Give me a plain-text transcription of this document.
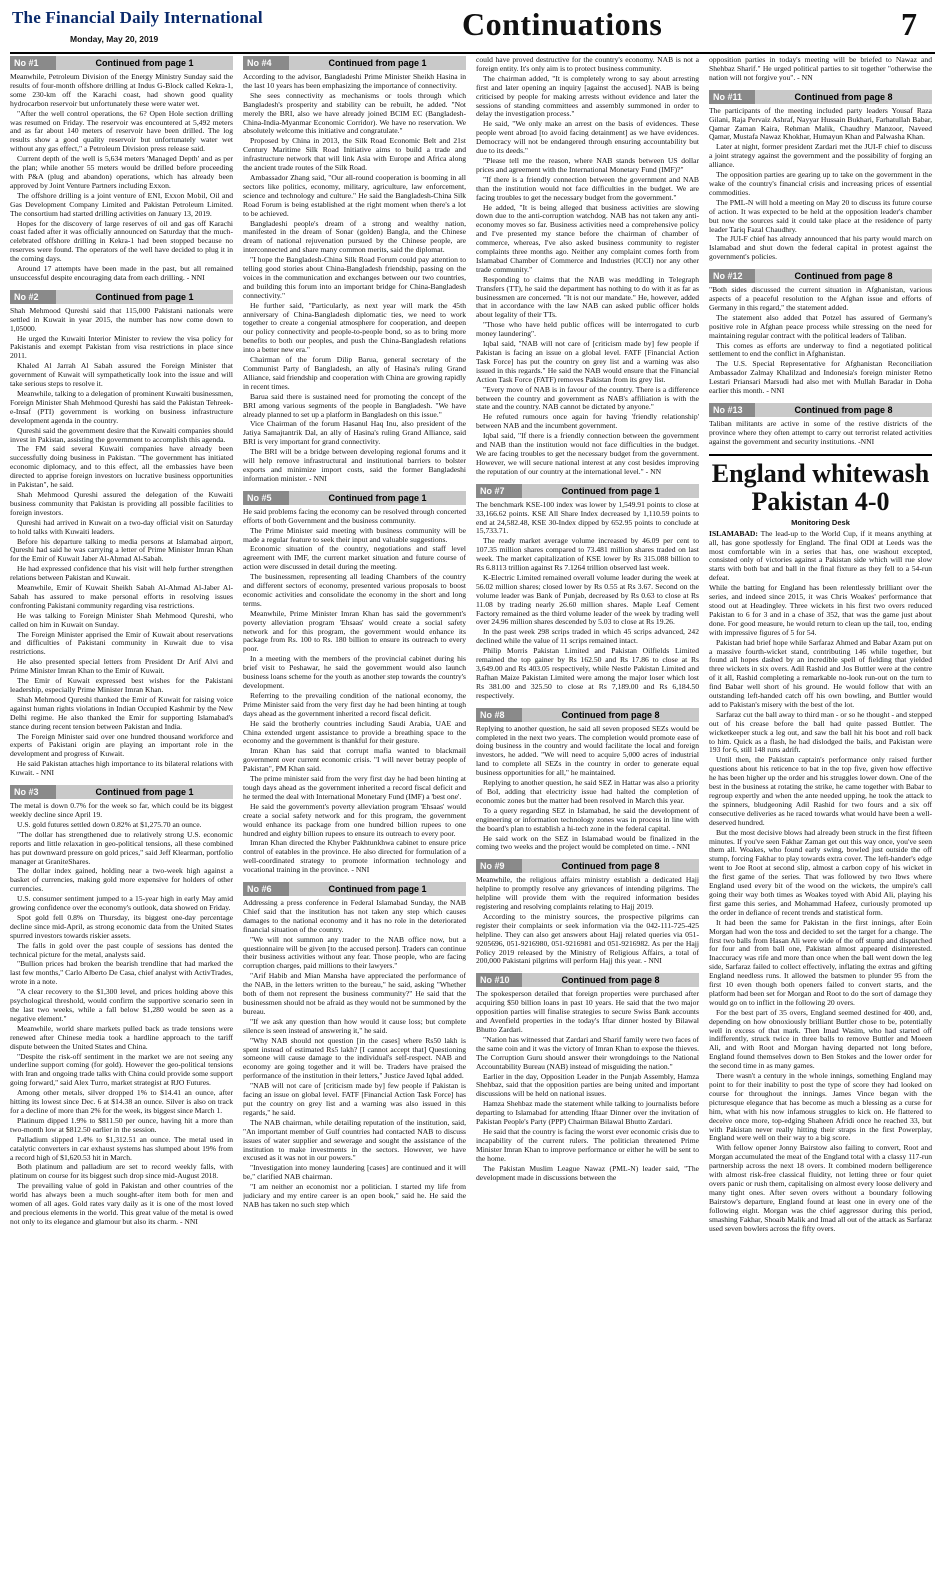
The Financial Daily International
Monday, May 20, 2019	Continuations	7
No #1	Continued from page 1

Meanwhile, Petroleum Division of the Energy Ministry Sunday said the results of four-month offshore drilling at Indus G-Block called Kekra-1, some 230-km off the Karachi coast, had shown good quality hydrocarbon reservoir but unfortunately these were water wet.

"After the well control operations, the 6? Open Hole section drilling was resumed on Friday. The reservoir was encountered at 5,492 meters and as far about 140 meters of reservoir have been drilled. The log results show a good quality reservoir but unfortunately water wet without any gas effect," a Petroleum Division press release said.

Current depth of the well is 5,634 meters 'Managed Depth' and as per the plan; while another 55 meters would be drilled before proceeding with P&A (plug and abandon) operations, which has already been approved by Joint Venture Partners including Exxon.

The offshore drilling is a joint venture of ENI, Exxon Mobil, Oil and Gas Development Company Limited and Pakistan Petroleum Limited. The consortium had started drilling activities on January 13, 2019.

Hopes for the discovery of large reserves of oil and gas off Karachi coast faded after it was officially announced on Saturday that the much-celebrated offshore drilling in Kekra-1 had been stopped because no reserves were found. The operators of the well have decided to plug it in the coming days.

Around 17 attempts have been made in the past, but all remained unsuccessful despite encouraging data from each drilling. - NNI

No #2	Continued from page 1

Shah Mehmood Qureshi said that 115,000 Pakistani nationals were settled in Kuwait in year 2015, the number has now come down to 1,05000.

He urged the Kuwaiti Interior Minister to review the visa policy for Pakistanis and exempt Pakistan from visa restrictions in place since 2011.

Khaled Al Jarrah Al Sabah assured the Foreign Minister that government of Kuwait will sympathetically look into the issue and will take serious steps to resolve it.

Meanwhile, talking to a delegation of prominent Kuwaiti businessmen, Foreign Minister Shah Mehmood Qureshi has said the Pakistan Tehreek-e-Insaf (PTI) government is working on business infrastructure development agenda in the country.

Qureshi said the government desire that the Kuwaiti companies should invest in Pakistan, assisting the government to accomplish this agenda.

The FM said several Kuwaiti companies have already been successfully doing business in Pakistan. "The government has initiated economic diplomacy, and to this effect, all the embassies have been directed to apprise foreign investors on lucrative business opportunities in Pakistan", he said.

Shah Mehmood Qureshi assured the delegation of the Kuwaiti business community that Pakistan is providing all possible facilities to foreign investors.

Qureshi had arrived in Kuwait on a two-day official visit on Saturday to hold talks with Kuwaiti leaders.

Before his departure talking to media persons at Islamabad airport, Qureshi had said he was carrying a letter of Prime Minister Imran Khan for the Emir of Kuwait Jaber Al-Ahmad Al-Sabah.

He had expressed confidence that his visit will help further strengthen relations between Pakistan and Kuwait.

Meanwhile, Emir of Kuwait Sheikh Sabah Al-Ahmad Al-Jaber Al-Sabah has assured to make personal efforts in resolving issues confronting Pakistani community regarding visa restrictions.

He was talking to Foreign Minister Shah Mehmood Qureshi, who called on him in Kuwait on Sunday.

The Foreign Minister apprised the Emir of Kuwait about reservations and difficulties of Pakistani community in Kuwait due to visa restrictions.

He also presented special letters from President Dr Arif Alvi and Prime Minister Imran Khan to the Emir of Kuwait.

The Emir of Kuwait expressed best wishes for the Pakistani leadership, especially Prime Minister Imran Khan.

Shah Mehmood Qureshi thanked the Emir of Kuwait for raising voice against human rights violations in Indian Occupied Kashmir by the New Delhi regime. He also thanked the Emir for supporting Islamabad's stance during recent tension between Pakistan and India.

The Foreign Minister said over one hundred thousand workforce and experts of Pakistani origin are playing an important role in the development and progress of Kuwait.

He said Pakistan attaches high importance to its bilateral relations with Kuwait. - NNI

No #3	Continued from page 1

The metal is down 0.7% for the week so far, which could be its biggest weekly decline since April 19.

U.S. gold futures settled down 0.82% at $1,275.70 an ounce.

"The dollar has strengthened due to relatively strong U.S. economic reports and little relaxation in geo-political tensions, all these combined has put downward pressure on gold prices," said Jeff Klearman, portfolio manager at GraniteShares.

The dollar index gained, holding near a two-week high against a basket of currencies, making gold more expensive for holders of other currencies.

U.S. consumer sentiment jumped to a 15-year high in early May amid growing confidence over the economy's outlook, data showed on Friday.

Spot gold fell 0.8% on Thursday, its biggest one-day percentage decline since mid-April, as strong economic data from the United States spurred investors towards riskier assets.

The falls in gold over the past couple of sessions has dented the technical picture for the metal, analysts said.

"Bullion prices had broken the bearish trendline that had marked the last few months," Carlo Alberto De Casa, chief analyst with ActivTrades, wrote in a note.

"A clear recovery to the $1,300 level, and prices holding above this psychological threshold, would confirm the supportive scenario seen in the last two weeks, while a fall below $1,280 would be seen as a negative element."

Meanwhile, world share markets pulled back as trade tensions were renewed after Chinese media took a hardline approach to the tariff dispute between the United States and China.

"Despite the risk-off sentiment in the market we are not seeing any underline support coming (for gold). However the geo-political tensions with Iran and ongoing trade talks with China could provide some support going forward," said Alex Turro, market strategist at RJO Futures.

Among other metals, silver dropped 1% to $14.41 an ounce, after hitting its lowest since Dec. 6 at $14.38 an ounce. Silver is also on track for a decline of more than 2% for the week, its biggest since March 1.

Platinum dipped 1.9% to $811.50 per ounce, having hit a more than two-month low at $812.50 earlier in the session.

Palladium slipped 1.4% to $1,312.51 an ounce. The metal used in catalytic converters in car exhaust systems has slumped about 19% from a record high of $1,620.53 hit in March.

Both platinum and palladium are set to record weekly falls, with platinum on course for its biggest such drop since mid-August 2018.

The prevailing value of gold in Pakistan and other countries of the world has always been a much sought-after item both for men and women of all ages. Gold rates vary daily as it is one of the most loved and precious elements in the world. This great value of the metal is owed not only to its elegance and glamour but also its charm. - NNI

No #4	Continued from page 1

According to the advisor, Bangladeshi Prime Minister Sheikh Hasina in the last 10 years has been emphasizing the importance of connectivity.

She sees connectivity as mechanisms or tools through which Bangladesh's prosperity and stability can be rebuilt, he added. "Not merely the BRI, also we have already joined BCIM EC (Bangladesh-China-India-Myanmar Economic Corridor). We have no reservation. We absolutely welcome this initiative and congratulate."

Proposed by China in 2013, the Silk Road Economic Belt and 21st Century Maritime Silk Road Initiative aims to build a trade and infrastructure network that will link Asia with Europe and Africa along the ancient trade routes of the Silk Road.

Ambassador Zhang said, "Our all-round cooperation is booming in all sectors like politics, economy, military, agriculture, law enforcement, science and technology and culture." He said the Bangladesh-China Silk Road Forum is being established at the right moment when there's a lot to be achieved.

Bangladeshi people's dream of a strong and wealthy nation, manifested in the dream of Sonar (golden) Bangla, and the Chinese dream of national rejuvenation pursued by the Chinese people, are interconnected and share many common merits, said the diplomat.

"I hope the Bangladesh-China Silk Road Forum could pay attention to telling good stories about China-Bangladesh friendship, passing on the voices in the communication and exchanges between our two countries, and building this forum into an important bridge for China-Bangladesh connectivity."

He further said, "Particularly, as next year will mark the 45th anniversary of China-Bangladesh diplomatic ties, we need to work together to create a congenial atmosphere for cooperation, and deepen our policy connectivity and people-to-people bond, so as to bring more benefits to both our peoples, and push the China-Bangladesh relations into a better new era."

Chairman of the forum Dilip Barua, general secretary of the Communist Party of Bangladesh, an ally of Hasina's ruling Grand Alliance, said friendship and cooperation with China are growing rapidly in recent times.

Barua said there is sustained need for promoting the concept of the BRI among various segments of the people in Bangladesh. "We have already planned to set up a platform in Bangladesh on this issue."

Vice Chairman of the forum Hasanul Haq Inu, also president of the Jatiya Samajtantrik Dal, an ally of Hasina's ruling Grand Alliance, said BRI is very important for grand connectivity.

The BRI will be a bridge between developing regional forums and it will help remove infrastructural and institutional barriers to bolster exports and minimize import costs, said the former Bangladeshi information minister. - NNI

No #5	Continued from page 1

He said problems facing the economy can be resolved through concerted efforts of both Government and the business community.

The Prime Minister said meeting with business community will be made a regular feature to seek their input and valuable suggestions.

Economic situation of the country, negotiations and staff level agreement with IMF, the current market situation and future course of action were discussed in detail during the meeting.

The businessmen, representing all leading Chambers of the country and different sectors of economy, presented various proposals to boost economic activities and consolidate the economy in the short and long terms.

Meanwhile, Prime Minister Imran Khan has said the government's poverty alleviation program 'Ehsaas' would create a social safety network and for this program, the government would enhance its package from Rs. 100 to Rs. 180 billion to ensure its outreach to every poor.

In a meeting with the members of the provincial cabinet during his brief visit to Peshawar, he said the government would also launch business loans scheme for the youth as another step towards the country's development.

Referring to the prevailing condition of the national economy, the Prime Minister said from the very first day he had been hinting at tough days ahead as the government inherited a record fiscal deficit.

He said the brotherly countries including Saudi Arabia, UAE and China extended urgent assistance to provide a breathing space to the economy and the government is thankful for their gesture.

Imran Khan has said that corrupt mafia wanted to blackmail government over current economic crisis. "I will never betray people of Pakistan", PM Khan said.

The prime minister said from the very first day he had been hinting at tough days ahead as the government inherited a record fiscal deficit and he termed the deal with International Monetary Fund (IMF) a 'best one'.

He said the government's poverty alleviation program 'Ehsaas' would create a social safety network and for this program, the government would enhance its package from one hundred billion rupees to one hundred and eighty billion rupees to ensure its outreach to every poor.

Imran Khan directed the Khyber Pakhtunkhwa cabinet to ensure price control of eatables in the province. He also directed for formulation of a well-coordinated strategy to promote information technology and vocational training in the province. - NNI

No #6	Continued from page 1

Addressing a press conference in Federal Islamabad Sunday, the NAB Chief said that the institution has not taken any step which causes damages to the national economy and it has no role in the deteriorated financial situation of the country.

"We will not summon any trader to the NAB office now, but a questionnaire will be given [to the accused person]. Traders can continue their business activities without any fear. Those people, who are facing corruption charges, paid millions to their lawyers."

"Arif Habib and Mian Mansha have appreciated the performance of the NAB, in the letters written to the bureau," he said, asking "Whether both of them not represent the business community?" He said that the businessmen should not be afraid as they would not be summoned by the bureau.

"If we ask any question than how would it cause loss; but complete silence is seen instead of answering it," he said.

"Why NAB should not question [in the cases] where Rs50 lakh is spent instead of estimated Rs5 lakh? [I cannot accept that] Questioning someone will cause damage to the individual's self-respect. NAB and economy are going together and it will be. Traders have praised the performance of the institution in their letters," Justice Javed Iqbal added.

"NAB will not care of [criticism made by] few people if Pakistan is facing an issue on global level. FATF [Financial Action Task Force] has put the country on grey list and a warning was also issued in this regards," he said.

The NAB chairman, while detailing reputation of the institution, said, "An important member of Gulf countries had contacted NAB to discuss issues of water supplier and sewerage and sought the assistance of the institution to make investments in the sectors. However, we have excused as it was not in our powers."

"Investigation into money laundering [cases] are continued and it will be," clarified NAB chairman.

"I am neither an economist nor a politician. I started my life from judiciary and my entire career is an open book," said he. He said the NAB has taken no such step which

could have proved destructive for the country's economy. NAB is not a foreign entity. It's only aim is to protect business community.

The chairman added, "It is completely wrong to say about arresting first and later opening an inquiry [against the accused]. NAB is being criticised by people for making arrests without evidence and later the sessions of standing committees and assembly summoned in order to delay the investigation process."

He said, "We only make an arrest on the basis of evidences. These people went abroad [to avoid facing detainment] as we have evidences. Democracy will not be endangered through ensuring accountability but due to its deeds."

"Please tell me the reason, where NAB stands between US dollar prices and agreement with the International Monetary Fund (IMF)?"

"If there is a friendly connection between the government and NAB than the institution would not face difficulties in the budget. We are facing troubles to get the necessary budget from the government."

He added, "It is being alleged that business activities are slowing down due to the anti-corruption watchdog. NAB has not taken any anti-economy moves so far. Business activities need a comprehensive policy and I've presented my stance before the chairman of chamber of commerce, whereas, I've also asked business community to register complaints three months ago. Neither any complaint comes forth from Islamabad Chamber of Commerce and Industries (ICCI) nor any other trade community."

Responding to claims that the NAB was meddling in Telegraph Transfers (TT), he said the department has nothing to do with it as far as businessmen are concerned. "It is not our mandate." He, however, added that in accordance with the law NAB can asked public officer holds about legality of their TTs.

"Those who have held public offices will be interrogated to curb money laundering".

Iqbal said, "NAB will not care of [criticism made by] few people if Pakistan is facing an issue on a global level. FATF [Financial Action Task Force] has put the country on grey list and a warning was also issued in this regards." He said the NAB would ensure that the Financial Action Task Force (FATF) removes Pakistan from its grey list.

"Every move of NAB is in favour of the country. There is a difference between the country and government as NAB's affiliation is with the state and the country. NAB cannot be dictated by anyone."

He refuted rumours once again for having 'friendly relationship' between NAB and the incumbent government.

Iqbal said, "If there is a friendly connection between the government and NAB than the institution would not face difficulties in the budget. We are facing troubles to get the necessary budget from the government. However, we will secure national interest at any cost besides improving the reputation of our country at the international level." - NN

No #7	Continued from page 1

The benchmark KSE-100 index was lower by 1,549.91 points to close at 33,166.62 points. KSE All Share Index decreased by 1,110.59 points to end at 24,582.48, KSE 30-Index dipped by 652.95 points to conclude at 15,733.71.

The ready market average volume increased by 46.09 per cent to 107.35 million shares compared to 73.481 million shares traded on last week. The market capitalization of KSE lower by Rs 315.088 billion to Rs 6.8113 trillion against Rs 7.1264 trillion observed last week.

K-Electric Limited remained overall volume leader during the week at 56.02 million shares; closed lower by Rs 0.55 at Rs 3.67. Second on the volume leader was Bank of Punjab, decreased by Rs 0.63 to close at Rs 11.08 by trading nearly 26.60 million shares. Maple Leaf Cement Factory remained as the third volume leader of the week by trading well over 24.96 million shares descended by 5.03 to close at Rs 19.26.

In the past week 298 scrips traded in which 45 scrips advanced, 242 declined while the value of 11 scrips remained intact.

Philip Morris Pakistan Limited and Pakistan Oilfields Limited remained the top gainer by Rs 162.50 and Rs 17.86 to close at Rs 3,649.00 and Rs 403.05 respectively, while Nestle Pakistan Limited and Rafhan Maize Pakistan Limited were among the major loser which lost Rs 381.00 and 325.50 to close at Rs 7,189.00 and Rs 6,184.50 respectively.

No #8	Continued from page 8

Replying to another question, he said all seven proposed SEZs would be completed in the next two years. The completion would promote ease of doing business in the country and would facilitate the local and foreign investors, he added. "We will need to acquire 5,000 acres of industrial land to complete all SEZs in the country in order to generate equal business opportunities for all," he maintained.

Replying to another question, he said SEZ in Hattar was also a priority of BoI, adding that electricity issue had halted the completion of economic zones but the matter had been resolved in March this year.

To a query regarding SEZ in Islamabad, he said the development of engineering or information technology zones was in process in line with the board's plan to establish a hi-tech zone in the federal capital.

He said work on the SEZ in Islamabad would be finalized in the coming two weeks and the project would be completed on time. - NNI

No #9	Continued from page 8

Meanwhile, the religious affairs ministry establish a dedicated Hajj helpline to promptly resolve any grievances of intending pilgrims. The helpline will provide them with the required information besides registering and resolving complaints relating to Hajj 2019.

According to the ministry sources, the prospective pilgrims can register their complaints or seek information via the 042-111-725-425 helpline. They can also get answers about Hajj related queries via 051-9205696, 051-9216980, 051-9216981 and 051-9216982. As per the Hajj Policy 2019 released by the Ministry of Religious Affairs, a total of 200,000 Pakistani pilgrims will perform Hajj this year. - NNI

No #10	Continued from page 8

The spokesperson detailed that foreign properties were purchased after acquiring $50 billion loans in past 10 years. He said that the two major opposition parties will finalise strategies to secure Swiss Bank accounts and Avenfield properties in the today's Iftar dinner hosted by Bilawal Bhutto Zardari.

"Nation has witnessed that Zardari and Sharif family were two faces of the same coin and it was the victory of Imran Khan to expose the thieves. The Corruption Guru should answer their wrongdoings to the National Accountability Bureau (NAB) instead of misguiding the nation."

Earlier in the day, Opposition Leader in the Punjab Assembly, Hamza Shehbaz, said that the opposition parties are being united and important discussions will be held on national issues.

Hamza Shehbaz made the statement while talking to journalists before departing to Islamabad for attending Iftaar Dinner over the invitation of Pakistan People's Party (PPP) Chairman Bilawal Bhutto Zardari.

He said that the country is facing the worst ever economic crisis due to incapability of the current rulers. The politician threatened Prime Minister Imran Khan to improve performance or either he will be sent to the home.

The Pakistan Muslim League Nawaz (PML-N) leader said, "The development made in discussions between the

opposition parties in today's meeting will be briefed to Nawaz and Shehbaz Sharif." He urged political parties to sit together "otherwise the nation will not forgive you". - NN

No #11	Continued from page 8

The participants of the meeting included party leaders Yousaf Raza Gilani, Raja Pervaiz Ashraf, Nayyar Hussain Bukhari, Farhatullah Babar, Qamar Zaman Kaira, Rehman Malik, Chaudhry Manzoor, Naveed Qamar, Mustafa Nawaz Khokhar, Humayun Khan and Palwasha Khan.

Later at night, former president Zardari met the JUI-F chief to discuss a joint strategy against the government and the possibility of forging an alliance.

The opposition parties are gearing up to take on the government in the wake of the country's financial crisis and increasing prices of essential commodities.

The PML-N will hold a meeting on May 20 to discuss its future course of action. It was expected to be held at the opposition leader's chamber but now the sources said it could take place at the residence of party leader Tariq Fazal Chaudhry.

The JUI-F chief has already announced that his party would march on Islamabad and shut down the federal capital in protest against the government's policies.

No #12	Continued from page 8

"Both sides discussed the current situation in Afghanistan, various aspects of a peaceful resolution to the Afghan issue and efforts of Germany in this regard," the statement added.

The statement also added that Potzel has assured of Germany's positive role in Afghan peace process while stressing on the need for maintaining regular contract with the political leaders of Taliban.

This comes as efforts are underway to find a negotiated political settlement to end the conflict in Afghanistan.

The U.S. Special Representative for Afghanistan Reconciliation Ambassador Zalmay Khalilzad and Indonesia's foreign minister Retno Lestari Priansari Marsudi had also met with Mullah Baradar in Doha earlier this month. - NNI

No #13	Continued from page 8

Taliban militants are active in some of the restive districts of the province where they often attempt to carry out terrorist related activities against the government and security institutions. -NNI

England whitewash Pakistan 4-0
Monitoring Desk

ISLAMABAD: The lead-up to the World Cup, if it means anything at all, has gone spotlessly for England. The final ODI at Leeds was the most comfortable win in a series that has, one washout excepted, consisted only of victories against a Pakistan side which will rue slow starts with both bat and ball in the final fixture as they fell to a 54-run defeat.

While the batting for England has been relentlessly brilliant over the series, and indeed since 2015, it was Chris Woakes' performance that stood out at Headingley. Three wickets in his first two overs reduced Pakistan to 6 for 3 and in a chase of 352, that was the game just about done. For good measure, he would return to clean up the tail, too, ending with impressive figures of 5 for 54.

Pakistan had brief hope while Sarfaraz Ahmed and Babar Azam put on a massive fourth-wicket stand, contributing 146 while together, but found all hopes dashed by an incredible spell of fielding that yielded three wickets in six overs. Adil Rashid and Jos Buttler were at the centre of it all, Rashid completing a remarkable no-look run-out on the turn to find Babar well short of his ground. He would follow that with an outstanding left-handed catch off his own bowling, and Buttler would add to Pakistan's misery with the best of the lot.

Sarfaraz cut the ball away to third man - or so he thought - and stepped out of his crease before the ball had quite passed Buttler. The wicketkeeper stuck a leg out, and saw the ball hit his boot and roll back to him. Quick as a flash, he had dislodged the bails, and Pakistan were 193 for 6, still 148 runs adrift.

Until then, the Pakistan captain's performance only raised further questions about his reticence to bat in the top five, given how effective he has been higher up the order and his struggles lower down. One of the best in the business at rotating the strike, he came together with Babar to regroup expertly and when the ante needed upping, he took the attack to the spinners, bludgeoning Adil Rashid for two fours and a six off consecutive deliveries as he raced towards what would have been a well-deserved hundred.

But the most decisive blows had already been struck in the first fifteen minutes. If you've seen Fakhar Zaman get out this way once, you've seen them all. Woakes, who found early swing, bowled just outside the off stump, forcing Fakhar to play towards extra cover. The left-hander's edge went to Joe Root at second slip, almost a carbon copy of his wicket in the first game of the series. That was followed by two lbws where England used every bit of the wood on the wickets, the umpire's call going their way both times as Woakes toyed with Abid Ali, playing his first game this series, and Mohammad Hafeez, curiously promoted up the order in defiance of recent trends and statistical form.

It had been the same for Pakistan in the first innings, after Eoin Morgan had won the toss and decided to set the target for a change. The first two balls from Hasan Ali were wide of the off stump and dispatched for four and from ball one, Pakistan almost appeared disinterested. Inaccuracy was rife and more than once when the ball went down the leg side, Sarfaraz failed to collect effectively, inflating the extras and gifting England needless runs. It allowed the batsmen to plunder 95 from the first 10 even though both openers failed to convert starts, and the platform had been set for Morgan and Root to do the sort of damage they would go on to inflict in the following 20 overs.

For the best part of 35 overs, England seemed destined for 400, and, depending on how obnoxiously brilliant Buttler chose to be, potentially well in excess of that mark. Then Imad Wasim, who had started off indifferently, struck twice in three balls to remove Buttler and Moeen Ali, and with Root and Morgan having departed not long before, England found themselves down to Ben Stokes and the lower order for the second time in as many games.

There wasn't a century in the whole innings, something England may point to for their inability to post the type of score they had looked on course for throughout the innings. James Vince began with the picturesque elegance that has become as much a blessing as a curse for him, what with his now infamous struggles to kick on. He flattered to deceive once more, top-edging Shaheen Afridi once he reached 33, but with Pakistan never really hitting their straps in the first Powerplay, England were well on their way to a big score.

With fellow opener Jonny Bairstow also failing to convert, Root and Morgan accumulated the meat of the England total with a classy 117-run partnership across the next 18 overs. It combined modern belligerence with almost risk-free classical fluidity, not letting three or four quiet overs panic or rush them, capitalising on almost every loose delivery and many tight ones. After seven overs without a boundary following Bairstow's departure, England found at least one in every one of the following eight. Morgan was the chief aggressor during this period, smashing Fakhar, Shoaib Malik and Imad all out of the attack as Sarfaraz used seven bowlers across the fifty overs.
